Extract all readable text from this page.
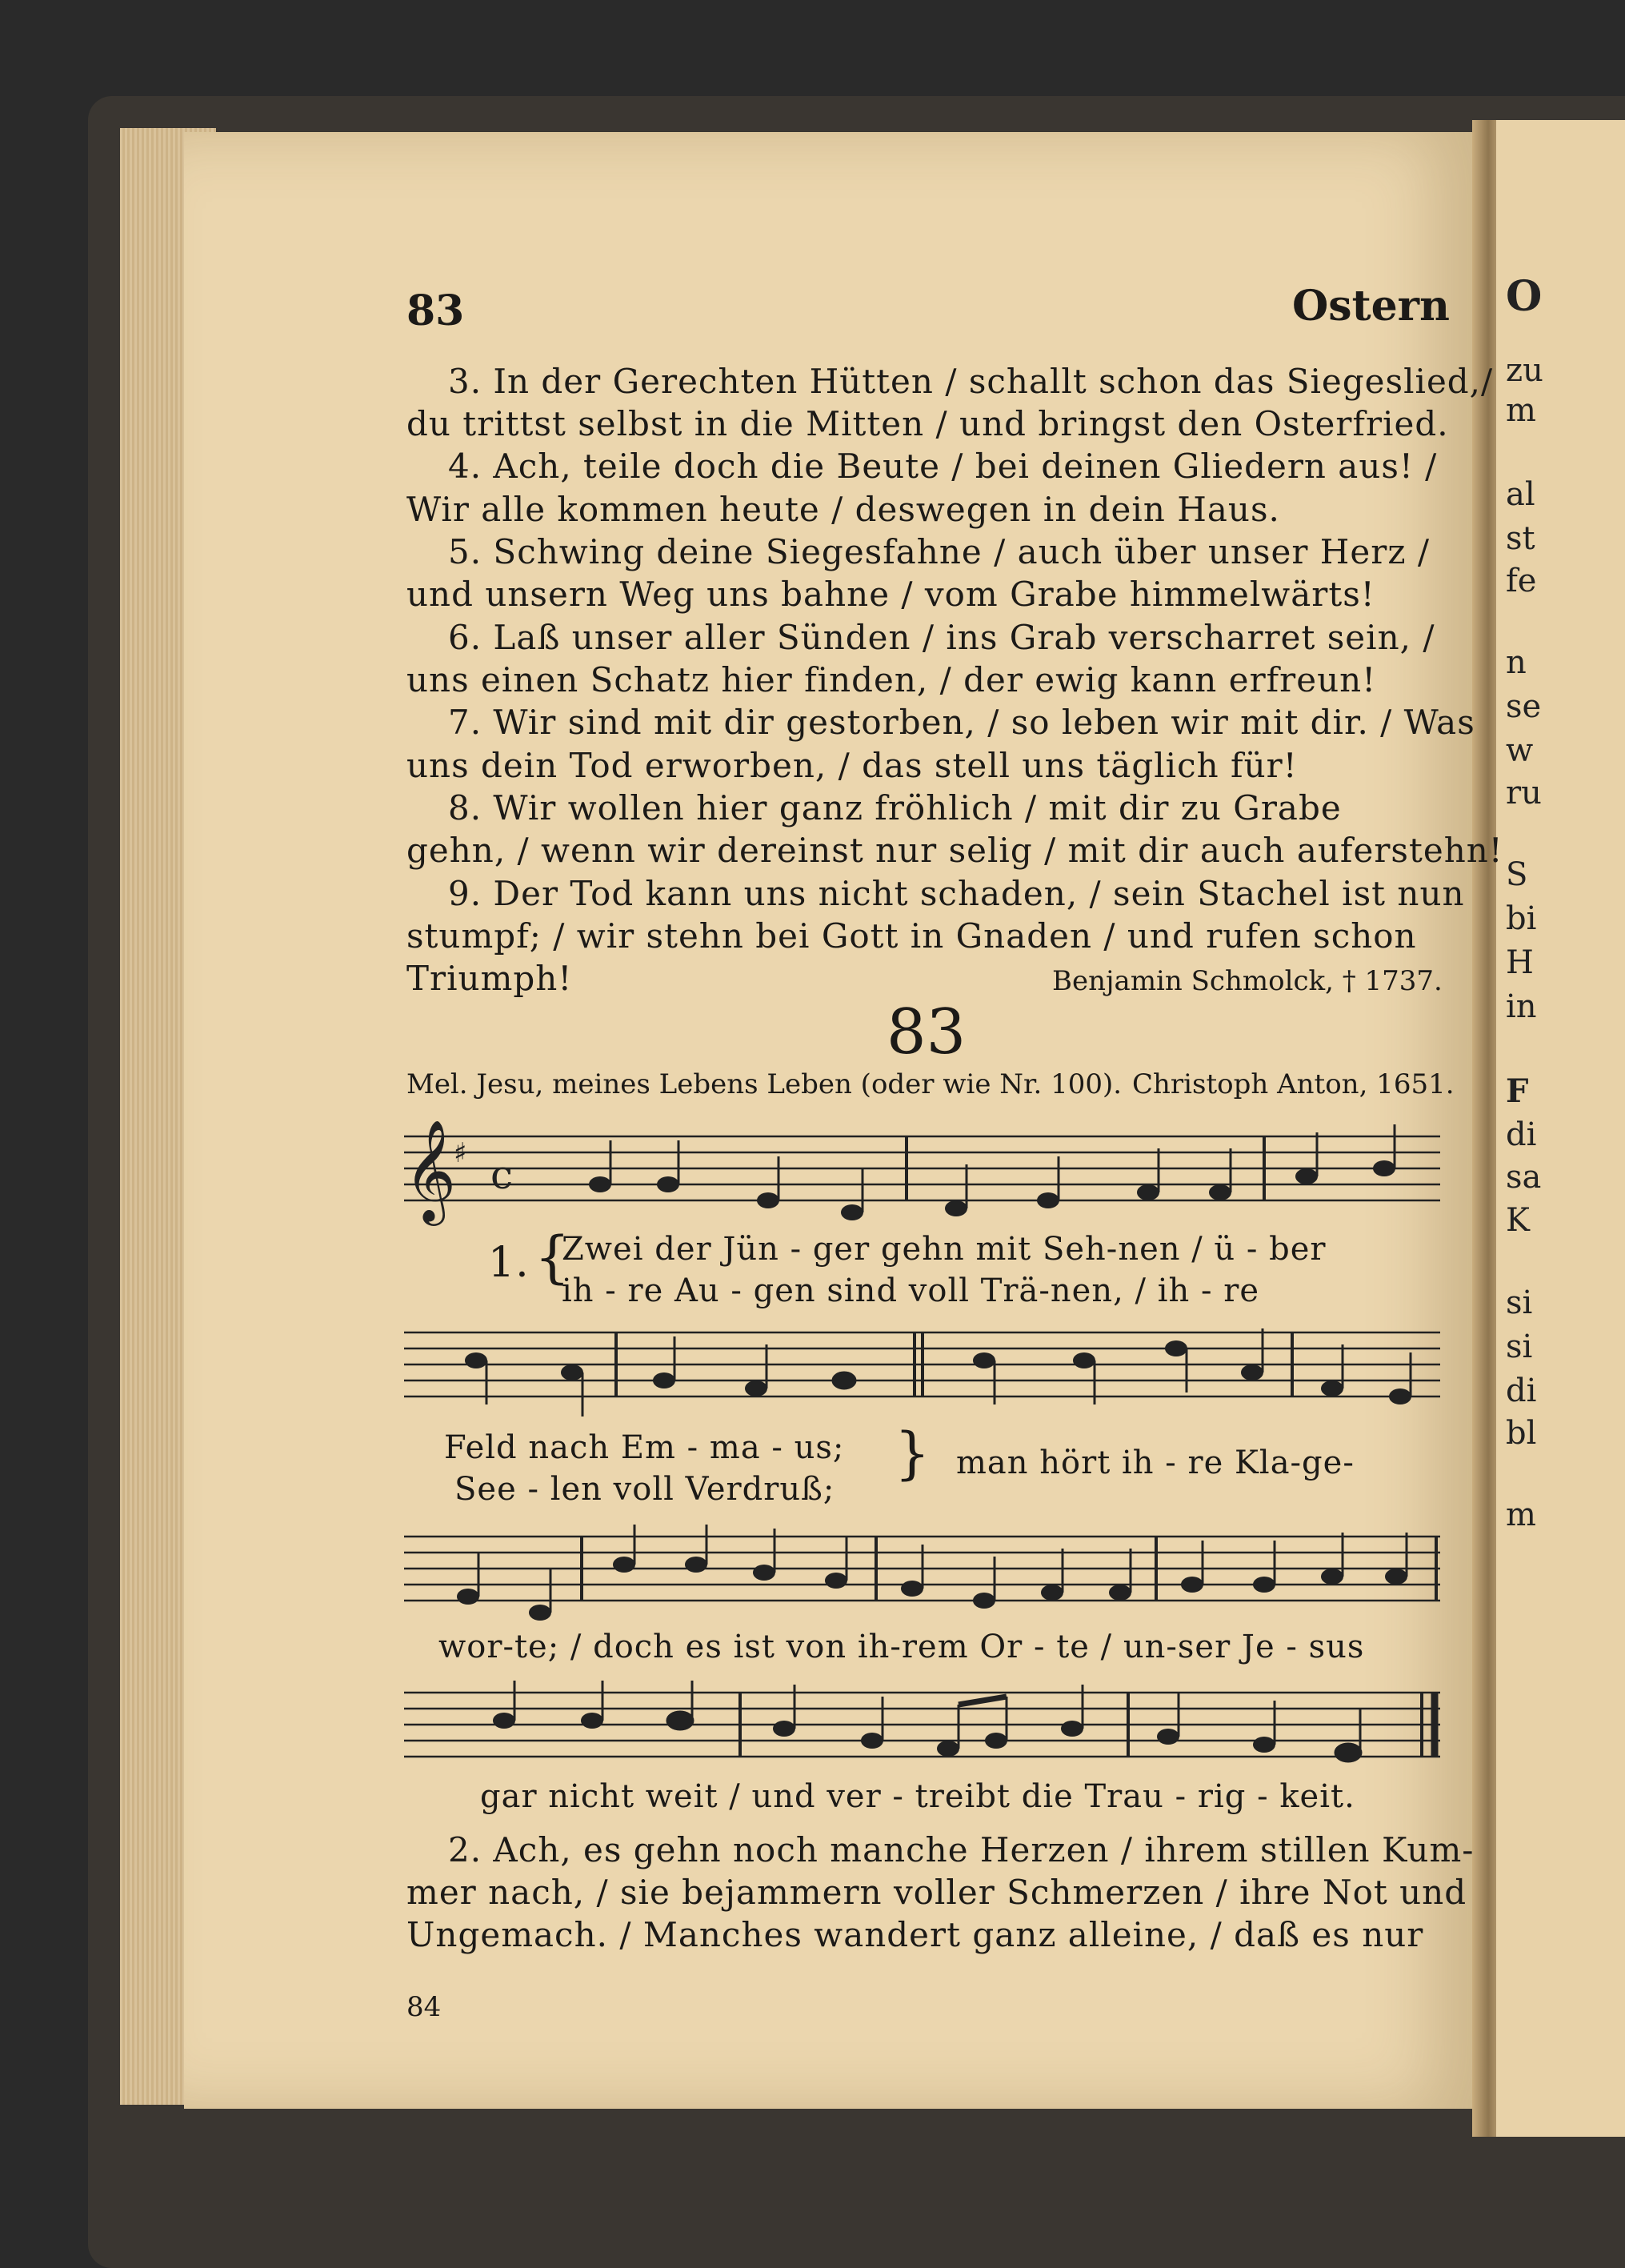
O
zu
m
al
st
fe
n
se
w
ru
S
bi
H
in
F
di
sa
K
si
si
di
bl
m
83	Ostern
3. In der Gerechten Hütten / schallt schon das Siegeslied,/
du trittst selbst in die Mitten / und bringst den Osterfried.
4. Ach, teile doch die Beute / bei deinen Gliedern aus! /
Wir alle kommen heute / deswegen in dein Haus.
5. Schwing deine Siegesfahne / auch über unser Herz /
und unsern Weg uns bahne / vom Grabe himmelwärts!
6. Laß unser aller Sünden / ins Grab verscharret sein, /
uns einen Schatz hier finden, / der ewig kann erfreun!
7. Wir sind mit dir gestorben, / so leben wir mit dir. / Was
uns dein Tod erworben, / das stell uns täglich für!
8. Wir wollen hier ganz fröhlich / mit dir zu Grabe
gehn, / wenn wir dereinst nur selig / mit dir auch auferstehn!
9. Der Tod kann uns nicht schaden, / sein Stachel ist nun
stumpf; / wir stehn bei Gott in Gnaden / und rufen schon
Triumph!	Benjamin Schmolck, † 1737.
83
Mel. Jesu, meines Lebens Leben (oder wie Nr. 100). Christoph Anton, 1651.
𝄞
♯ c
1. {
Zwei der Jün - ger gehn mit Seh-nen / ü - ber
ih - re Au - gen sind voll Trä-nen, / ih - re
Feld nach Em - ma - us;
See - len voll Verdruß;
} man hört ih - re Kla-ge-
wor-te; / doch es ist von ih-rem Or - te / un-ser Je - sus
gar nicht weit / und ver - treibt die Trau - rig - keit.
2. Ach, es gehn noch manche Herzen / ihrem stillen Kum-
mer nach, / sie bejammern voller Schmerzen / ihre Not und
Ungemach. / Manches wandert ganz alleine, / daß es nur
84
